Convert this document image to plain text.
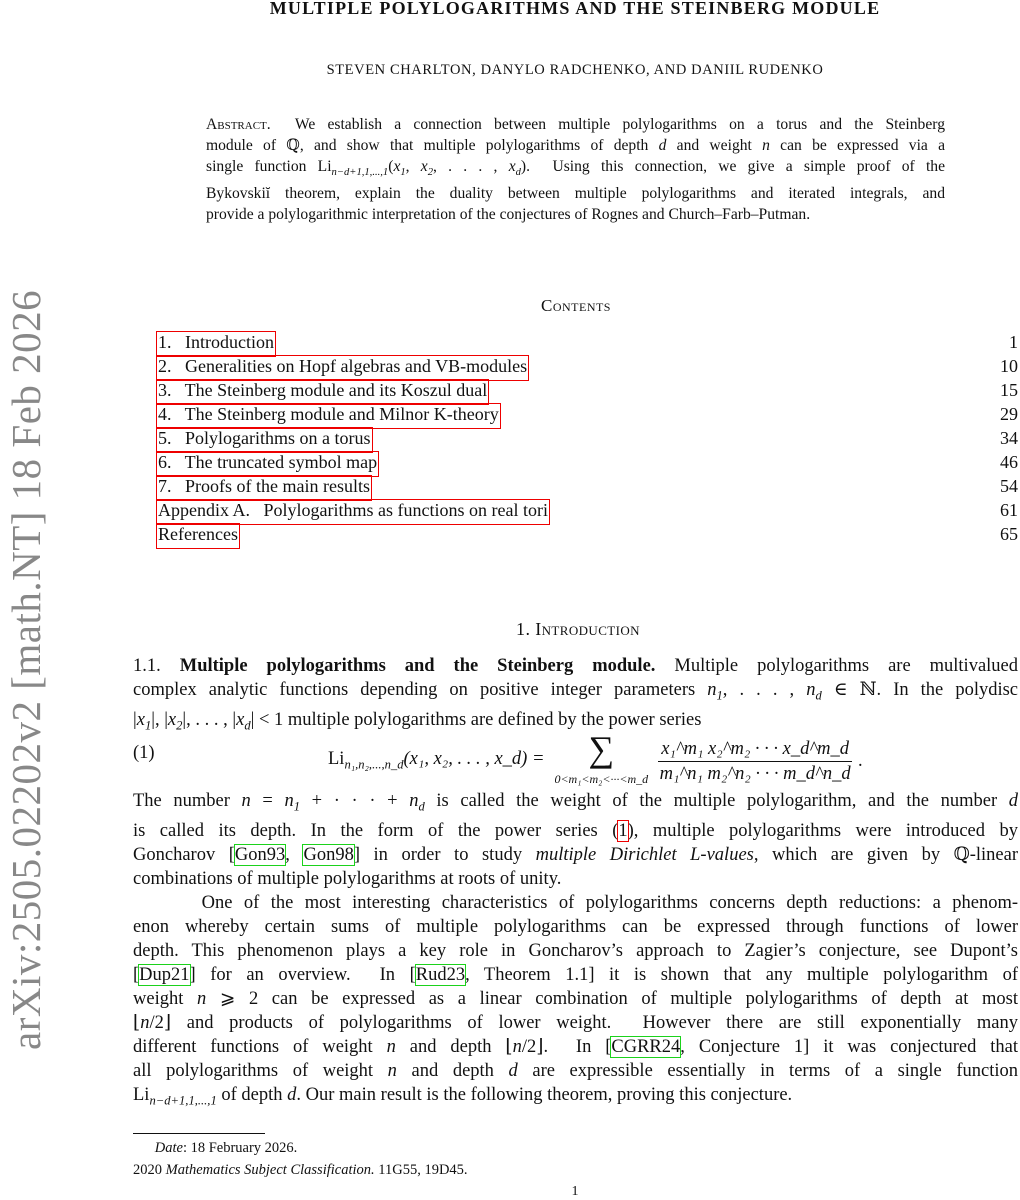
arXiv:2505.02202v2 [math.NT] 18 Feb 2026
MULTIPLE POLYLOGARITHMS AND THE STEINBERG MODULE
STEVEN CHARLTON, DANYLO RADCHENKO, AND DANIIL RUDENKO
Abstract.  We establish a connection between multiple polylogarithms on a torus and the Steinberg
module of ℚ, and show that multiple polylogarithms of depth d and weight n can be expressed via a
single function $Li_{n-d+1,1,...,1}(x_1$, $x_2$, . . . , $x_d$).  Using this connection, we give a simple proof of the
Bykovskiĭ theorem, explain the duality between multiple polylogarithms and iterated integrals, and
provide a polylogarithmic interpretation of the conjectures of Rognes and Church–Farb–Putman.
Contents
1.   Introduction	1
2.   Generalities on Hopf algebras and VB-modules	10
3.   The Steinberg module and its Koszul dual	15
4.   The Steinberg module and Milnor K-theory	29
5.   Polylogarithms on a torus	34
6.   The truncated symbol map	46
7.   Proofs of the main results	54
Appendix A.   Polylogarithms as functions on real tori	61
References	65
1. Introduction
1.1. Multiple polylogarithms and the Steinberg module. Multiple polylogarithms are multivalued
complex analytic functions depending on positive integer parameters $n_1$, . . . , $n_d$ ∈ ℕ. In the polydisc
$|x_1|$, $|x_2|$, . . . , $|x_d| < 1$ multiple polylogarithms are defined by the power series
(1)	$Li_{n_1,n_2,...,n\_d}(x_1$, x₂, . . . , x_d) = ∑
0<m₁<m₂<···<m_d $\frac{\text{x₁\textasciicircum{}m₁ x₂\textasciicircum{}m₂ · · · x\_d\textasciicircum{}m\_d}}{\text{m₁\textasciicircum{}n₁ m₂\textasciicircum{}n₂ · · · m\_d\textasciicircum{}n\_d}}$ .
The number $n = n_1$ + · · · + $n_d$ is called the weight of the multiple polylogarithm, and the number d
is called its depth. In the form of the power series (1), multiple polylogarithms were introduced by
Goncharov [Gon93, Gon98] in order to study multiple Dirichlet L-values, which are given by ℚ-linear
combinations of multiple polylogarithms at roots of unity.
One of the most interesting characteristics of polylogarithms concerns depth reductions: a phenom-
enon whereby certain sums of multiple polylogarithms can be expressed through functions of lower
depth. This phenomenon plays a key role in Goncharov’s approach to Zagier’s conjecture, see Dupont’s
[Dup21] for an overview.  In [Rud23, Theorem 1.1] it is shown that any multiple polylogarithm of
weight n ⩾ 2 can be expressed as a linear combination of multiple polylogarithms of depth at most
⌊n/2⌋ and products of polylogarithms of lower weight.  However there are still exponentially many
different functions of weight n and depth ⌊n/2⌋.  In [CGRR24, Conjecture 1] it was conjectured that
all polylogarithms of weight n and depth d are expressible essentially in terms of a single function
$Li_{n-d+1,1,...,1}$ of depth d. Our main result is the following theorem, proving this conjecture.
Date: 18 February 2026.
2020 Mathematics Subject Classification. 11G55, 19D45.
1
